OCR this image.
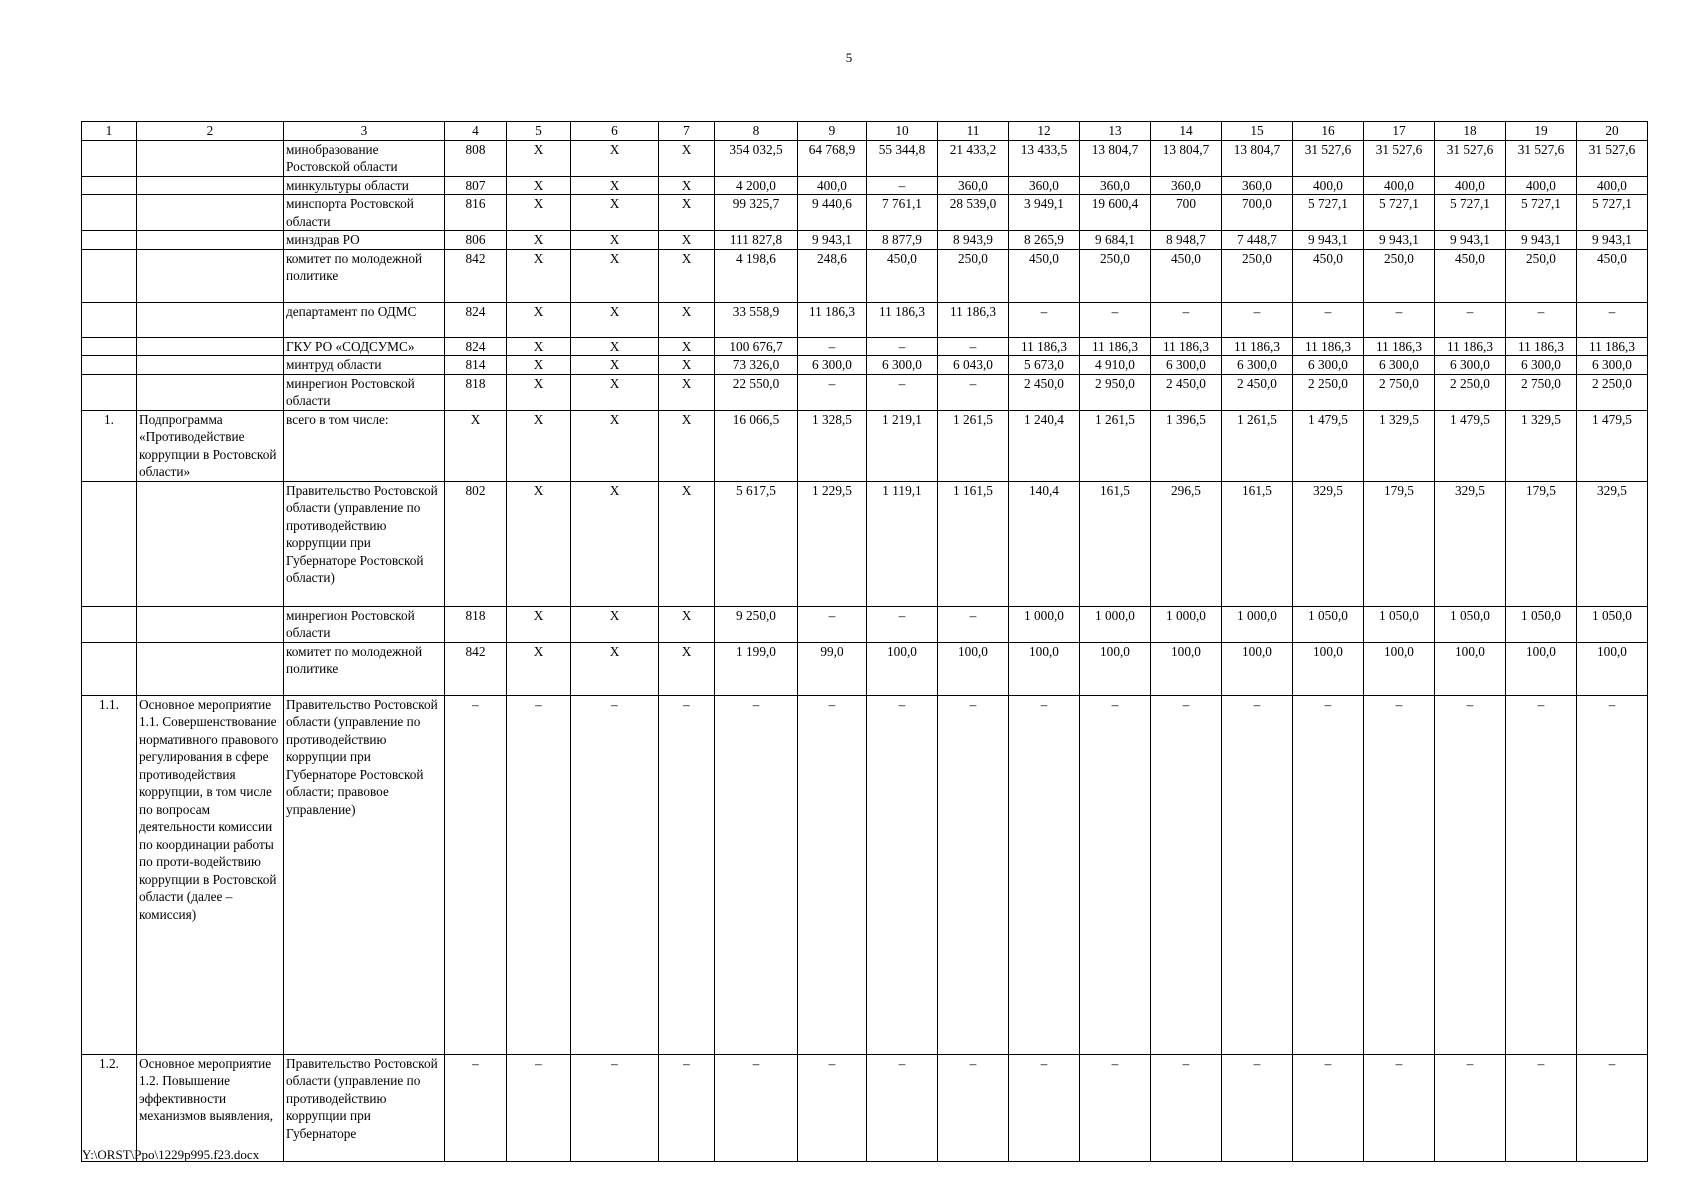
5
1	2	3	4	5	6	7	8	9	10	11	12	13	14	15	16	17	18	19	20
		минобразование Ростовской области	808	X	X	X	354 032,5	64 768,9	55 344,8	21 433,2	13 433,5	13 804,7	13 804,7	13 804,7	31 527,6	31 527,6	31 527,6	31 527,6	31 527,6
		минкультуры области	807	X	X	X	4 200,0	400,0	–	360,0	360,0	360,0	360,0	360,0	400,0	400,0	400,0	400,0	400,0
		минспорта Ростовской области	816	X	X	X	99 325,7	9 440,6	7 761,1	28 539,0	3 949,1	19 600,4	700	700,0	5 727,1	5 727,1	5 727,1	5 727,1	5 727,1
		минздрав РО	806	X	X	X	111 827,8	9 943,1	8 877,9	8 943,9	8 265,9	9 684,1	8 948,7	7 448,7	9 943,1	9 943,1	9 943,1	9 943,1	9 943,1
		комитет по молодежной политике	842	X	X	X	4 198,6	248,6	450,0	250,0	450,0	250,0	450,0	250,0	450,0	250,0	450,0	250,0	450,0
		департамент по ОДМС	824	X	X	X	33 558,9	11 186,3	11 186,3	11 186,3	–	–	–	–	–	–	–	–	–
		ГКУ РО «СОДСУМС»	824	X	X	X	100 676,7	–	–	–	11 186,3	11 186,3	11 186,3	11 186,3	11 186,3	11 186,3	11 186,3	11 186,3	11 186,3
		минтруд области	814	X	X	X	73 326,0	6 300,0	6 300,0	6 043,0	5 673,0	4 910,0	6 300,0	6 300,0	6 300,0	6 300,0	6 300,0	6 300,0	6 300,0
		минрегион Ростовской области	818	X	X	X	22 550,0	–	–	–	2 450,0	2 950,0	2 450,0	2 450,0	2 250,0	2 750,0	2 250,0	2 750,0	2 250,0
1.	Подпрограмма «Противодействие коррупции в Ростовской области»	всего в том числе:	X	X	X	X	16 066,5	1 328,5	1 219,1	1 261,5	1 240,4	1 261,5	1 396,5	1 261,5	1 479,5	1 329,5	1 479,5	1 329,5	1 479,5
		Правительство Ростовской области (управление по противодействию коррупции при Губернаторе Ростовской области)	802	X	X	X	5 617,5	1 229,5	1 119,1	1 161,5	140,4	161,5	296,5	161,5	329,5	179,5	329,5	179,5	329,5
		минрегион Ростовской области	818	X	X	X	9 250,0	–	–	–	1 000,0	1 000,0	1 000,0	1 000,0	1 050,0	1 050,0	1 050,0	1 050,0	1 050,0
		комитет по молодежной политике	842	X	X	X	1 199,0	99,0	100,0	100,0	100,0	100,0	100,0	100,0	100,0	100,0	100,0	100,0	100,0
1.1.	Основное мероприятие 1.1. Совершенствование нормативного правового регулирования в сфере противодействия коррупции, в том числе по вопросам деятельности комиссии по координации работы по проти-водействию коррупции в Ростовской области (далее – комиссия)	Правительство Ростовской области (управление по противодействию коррупции при Губернаторе Ростовской области; правовое управление)	–	–	–	–	–	–	–	–	–	–	–	–	–	–	–	–	–
1.2.	Основное мероприятие 1.2. Повышение эффективности механизмов выявления,	Правительство Ростовской области (управление по противодействию коррупции при Губернаторе	–	–	–	–	–	–	–	–	–	–	–	–	–	–	–	–	–
Y:\ORST\Ppo\1229p995.f23.docx
